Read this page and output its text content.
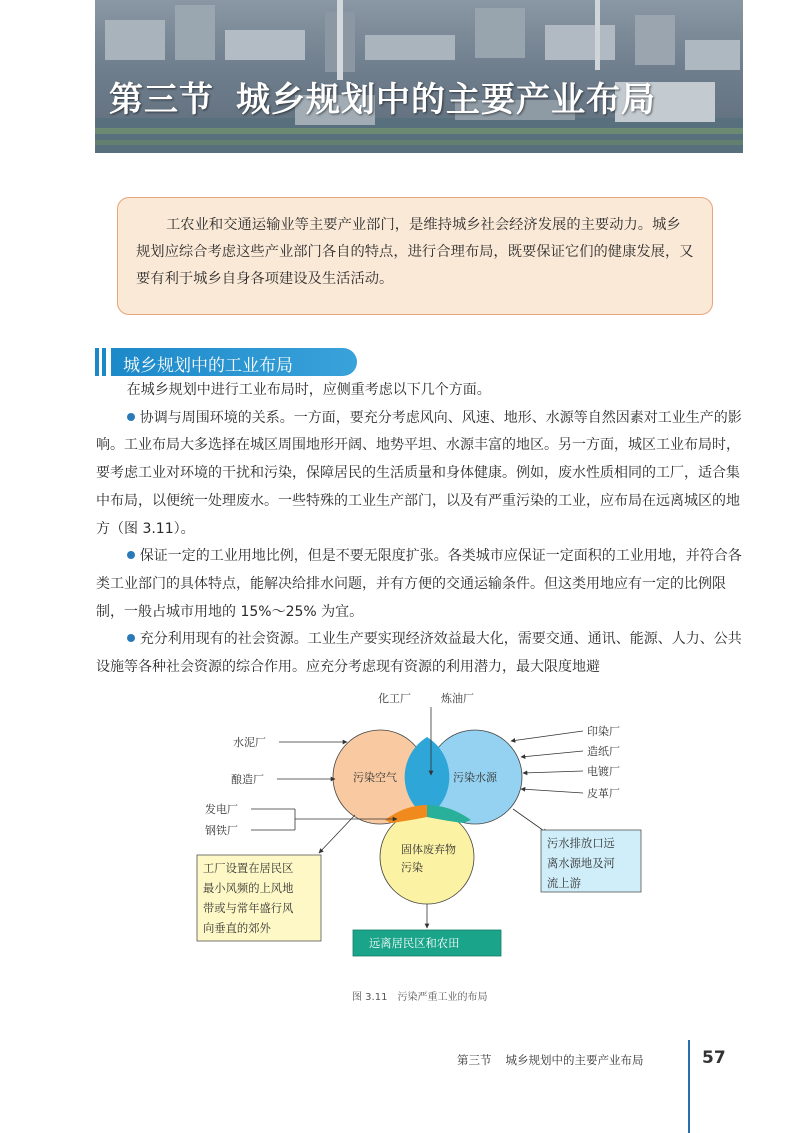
第三节 城乡规划中的主要产业布局

工农业和交通运输业等主要产业部门，是维持城乡社会经济发展的主要动力。城乡规划应综合考虑这些产业部门各自的特点，进行合理布局，既要保证它们的健康发展，又要有利于城乡自身各项建设及生活活动。

城乡规划中的工业布局

在城乡规划中进行工业布局时，应侧重考虑以下几个方面。

协调与周围环境的关系。一方面，要充分考虑风向、风速、地形、水源等自然因素对工业生产的影响。工业布局大多选择在城区周围地形开阔、地势平坦、水源丰富的地区。另一方面，城区工业布局时，要考虑工业对环境的干扰和污染，保障居民的生活质量和身体健康。例如，废水性质相同的工厂，适合集中布局，以便统一处理废水。一些特殊的工业生产部门，以及有严重污染的工业，应布局在远离城区的地方（图 3.11）。

保证一定的工业用地比例，但是不要无限度扩张。各类城市应保证一定面积的工业用地，并符合各类工业部门的具体特点，能解决给排水问题，并有方便的交通运输条件。但这类用地应有一定的比例限制，一般占城市用地的 15%～25% 为宜。

充分利用现有的社会资源。工业生产要实现经济效益最大化，需要交通、通讯、能源、人力、公共设施等各种社会资源的综合作用。应充分考虑现有资源的利用潜力，最大限度地避

污染空气	污染水源
固体废弃物
污染
化工厂	炼油厂
水泥厂
酿造厂
发电厂
钢铁厂
印染厂
造纸厂
电镀厂
皮革厂
工厂设置在居民区
最小风频的上风地
带或与常年盛行风
向垂直的郊外
污水排放口远
离水源地及河
流上游
远离居民区和农田
图 3.11 污染严重工业的布局
第三节 城乡规划中的主要产业布局	57
